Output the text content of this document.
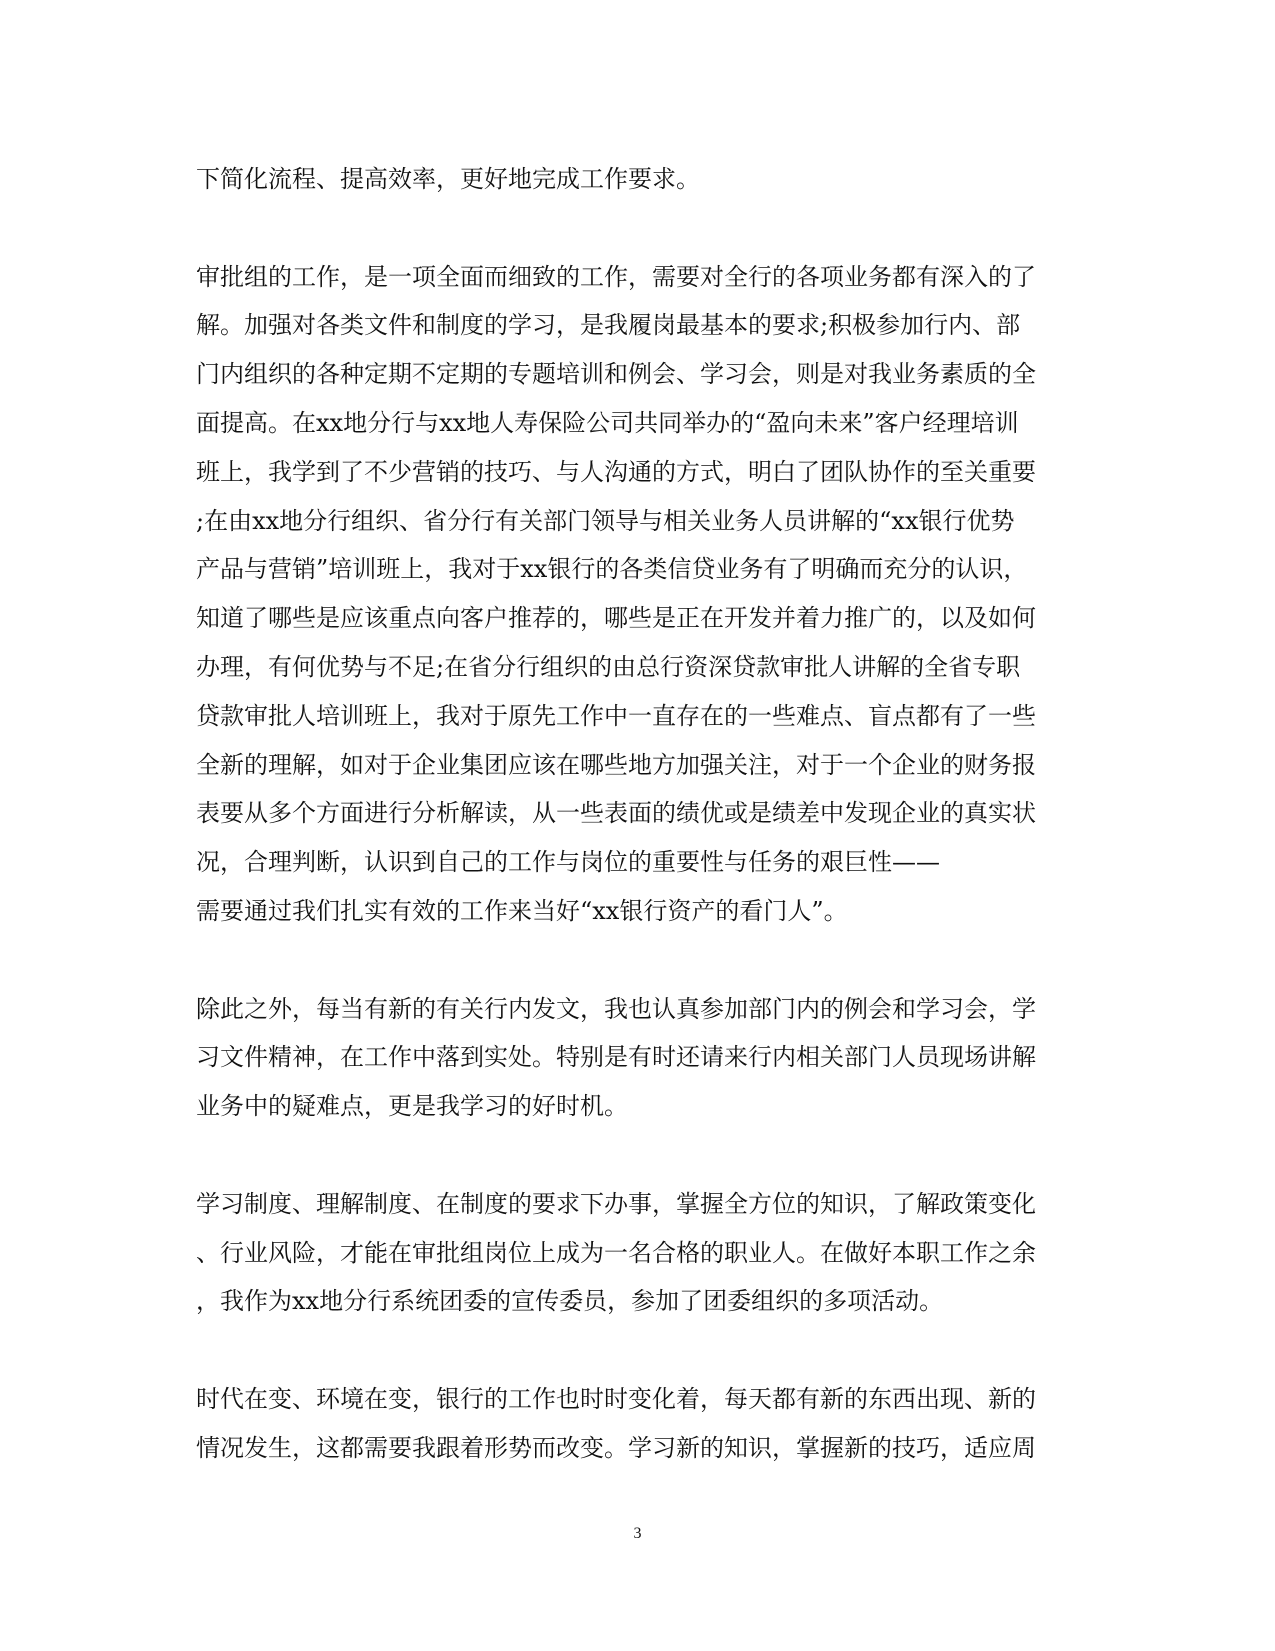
下简化流程、提高效率，更好地完成工作要求。
审批组的工作，是一项全面而细致的工作，需要对全行的各项业务都有深入的了
解。加强对各类文件和制度的学习，是我履岗最基本的要求;积极参加行内、部
门内组织的各种定期不定期的专题培训和例会、学习会，则是对我业务素质的全
面提高。在xx地分行与xx地人寿保险公司共同举办的“盈向未来”客户经理培训
班上，我学到了不少营销的技巧、与人沟通的方式，明白了团队协作的至关重要
;在由xx地分行组织、省分行有关部门领导与相关业务人员讲解的“xx银行优势
产品与营销”培训班上，我对于xx银行的各类信贷业务有了明确而充分的认识，
知道了哪些是应该重点向客户推荐的，哪些是正在开发并着力推广的，以及如何
办理，有何优势与不足;在省分行组织的由总行资深贷款审批人讲解的全省专职
贷款审批人培训班上，我对于原先工作中一直存在的一些难点、盲点都有了一些
全新的理解，如对于企业集团应该在哪些地方加强关注，对于一个企业的财务报
表要从多个方面进行分析解读，从一些表面的绩优或是绩差中发现企业的真实状
况，合理判断，认识到自己的工作与岗位的重要性与任务的艰巨性——
需要通过我们扎实有效的工作来当好“xx银行资产的看门人”。
除此之外，每当有新的有关行内发文，我也认真参加部门内的例会和学习会，学
习文件精神，在工作中落到实处。特别是有时还请来行内相关部门人员现场讲解
业务中的疑难点，更是我学习的好时机。
学习制度、理解制度、在制度的要求下办事，掌握全方位的知识，了解政策变化
、行业风险，才能在审批组岗位上成为一名合格的职业人。在做好本职工作之余
，我作为xx地分行系统团委的宣传委员，参加了团委组织的多项活动。
时代在变、环境在变，银行的工作也时时变化着，每天都有新的东西出现、新的
情况发生，这都需要我跟着形势而改变。学习新的知识，掌握新的技巧，适应周
3
